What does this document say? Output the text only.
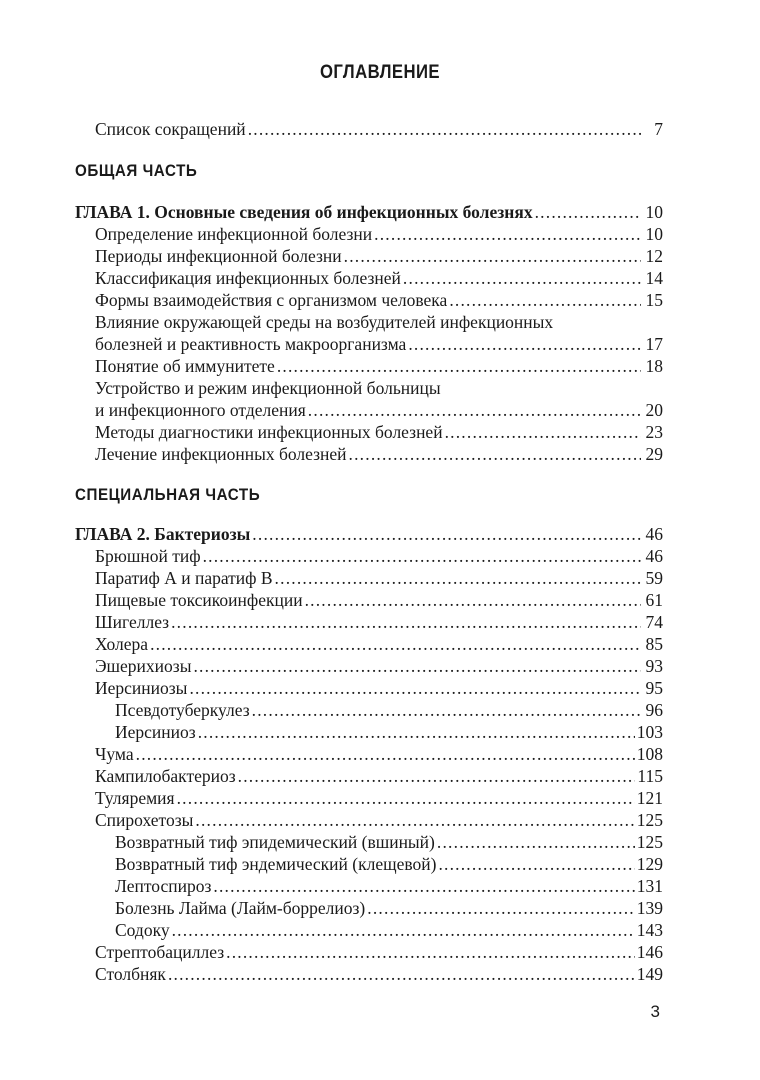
ОГЛАВЛЕНИЕ
Список сокращений .....	7
ОБЩАЯ ЧАСТЬ
ГЛАВА 1. Основные сведения об инфекционных болезнях .....	10
Определение инфекционной болезни .....	10
Периоды инфекционной болезни .....	12
Классификация инфекционных болезней .....	14
Формы взаимодействия с организмом человека .....	15
Влияние окружающей среды на возбудителей инфекционных
болезней и реактивность макроорганизма .....	17
Понятие об иммунитете .....	18
Устройство и режим инфекционной больницы
и инфекционного отделения .....	20
Методы диагностики инфекционных болезней .....	23
Лечение инфекционных болезней .....	29
СПЕЦИАЛЬНАЯ ЧАСТЬ
ГЛАВА 2. Бактериозы .....	46
Брюшной тиф .....	46
Паратиф А и паратиф В .....	59
Пищевые токсикоинфекции .....	61
Шигеллез .....	74
Холера .....	85
Эшерихиозы .....	93
Иерсиниозы .....	95
Псевдотуберкулез .....	96
Иерсиниоз .....	103
Чума .....	108
Кампилобактериоз .....	115
Туляремия .....	121
Спирохетозы .....	125
Возвратный тиф эпидемический (вшиный) .....	125
Возвратный тиф эндемический (клещевой) .....	129
Лептоспироз .....	131
Болезнь Лайма (Лайм-боррелиоз) .....	139
Содоку .....	143
Стрептобациллез .....	146
Столбняк .....	149
3
